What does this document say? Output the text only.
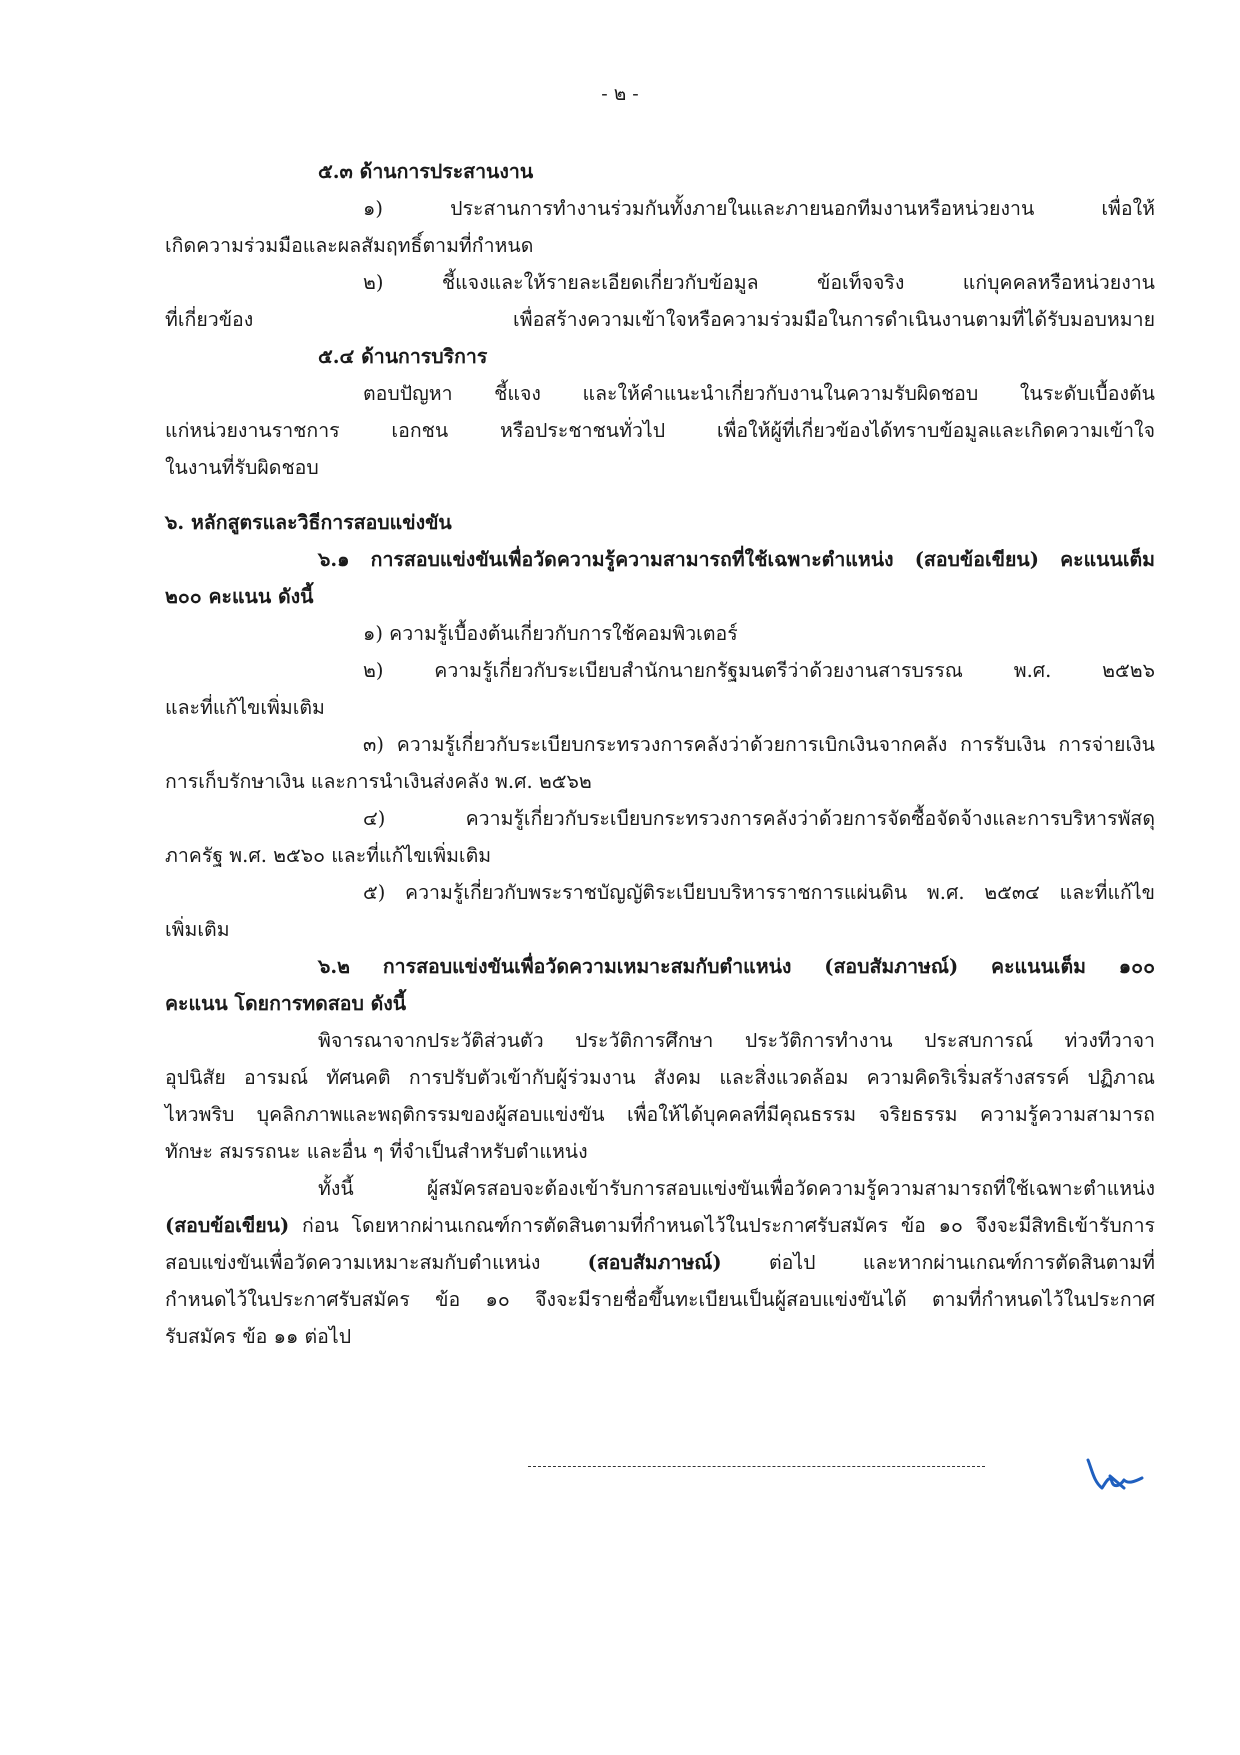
- ๒ -

๕.๓ ด้านการประสานงาน

๑) ประสานการทำงานร่วมกันทั้งภายในและภายนอกทีมงานหรือหน่วยงาน เพื่อให้

เกิดความร่วมมือและผลสัมฤทธิ์ตามที่กำหนด

๒) ชี้แจงและให้รายละเอียดเกี่ยวกับข้อมูล ข้อเท็จจริง แก่บุคคลหรือหน่วยงาน

ที่เกี่ยวข้อง เพื่อสร้างความเข้าใจหรือความร่วมมือในการดำเนินงานตามที่ได้รับมอบหมาย

๕.๔ ด้านการบริการ

ตอบปัญหา ชี้แจง และให้คำแนะนำเกี่ยวกับงานในความรับผิดชอบ ในระดับเบื้องต้น

แก่หน่วยงานราชการ เอกชน หรือประชาชนทั่วไป เพื่อให้ผู้ที่เกี่ยวข้องได้ทราบข้อมูลและเกิดความเข้าใจ

ในงานที่รับผิดชอบ

๖. หลักสูตรและวิธีการสอบแข่งขัน

๖.๑ การสอบแข่งขันเพื่อวัดความรู้ความสามารถที่ใช้เฉพาะตำแหน่ง (สอบข้อเขียน) คะแนนเต็ม

๒๐๐ คะแนน ดังนี้

๑) ความรู้เบื้องต้นเกี่ยวกับการใช้คอมพิวเตอร์

๒) ความรู้เกี่ยวกับระเบียบสำนักนายกรัฐมนตรีว่าด้วยงานสารบรรณ พ.ศ. ๒๕๒๖

และที่แก้ไขเพิ่มเติม

๓) ความรู้เกี่ยวกับระเบียบกระทรวงการคลังว่าด้วยการเบิกเงินจากคลัง การรับเงิน การจ่ายเงิน

การเก็บรักษาเงิน และการนำเงินส่งคลัง พ.ศ. ๒๕๖๒

๔) ความรู้เกี่ยวกับระเบียบกระทรวงการคลังว่าด้วยการจัดซื้อจัดจ้างและการบริหารพัสดุ

ภาครัฐ พ.ศ. ๒๕๖๐ และที่แก้ไขเพิ่มเติม

๕) ความรู้เกี่ยวกับพระราชบัญญัติระเบียบบริหารราชการแผ่นดิน พ.ศ. ๒๕๓๔ และที่แก้ไข

เพิ่มเติม

๖.๒ การสอบแข่งขันเพื่อวัดความเหมาะสมกับตำแหน่ง (สอบสัมภาษณ์) คะแนนเต็ม ๑๐๐

คะแนน โดยการทดสอบ ดังนี้

พิจารณาจากประวัติส่วนตัว ประวัติการศึกษา ประวัติการทำงาน ประสบการณ์ ท่วงทีวาจา

อุปนิสัย อารมณ์ ทัศนคติ การปรับตัวเข้ากับผู้ร่วมงาน สังคม และสิ่งแวดล้อม ความคิดริเริ่มสร้างสรรค์ ปฏิภาณ

ไหวพริบ บุคลิกภาพและพฤติกรรมของผู้สอบแข่งขัน เพื่อให้ได้บุคคลที่มีคุณธรรม จริยธรรม ความรู้ความสามารถ

ทักษะ สมรรถนะ และอื่น ๆ ที่จำเป็นสำหรับตำแหน่ง

ทั้งนี้ ผู้สมัครสอบจะต้องเข้ารับการสอบแข่งขันเพื่อวัดความรู้ความสามารถที่ใช้เฉพาะตำแหน่ง

(สอบข้อเขียน) ก่อน โดยหากผ่านเกณฑ์การตัดสินตามที่กำหนดไว้ในประกาศรับสมัคร ข้อ ๑๐ จึงจะมีสิทธิเข้ารับการ

สอบแข่งขันเพื่อวัดความเหมาะสมกับตำแหน่ง (สอบสัมภาษณ์) ต่อไป และหากผ่านเกณฑ์การตัดสินตามที่

กำหนดไว้ในประกาศรับสมัคร ข้อ ๑๐ จึงจะมีรายชื่อขึ้นทะเบียนเป็นผู้สอบแข่งขันได้ ตามที่กำหนดไว้ในประกาศ

รับสมัคร ข้อ ๑๑ ต่อไป
